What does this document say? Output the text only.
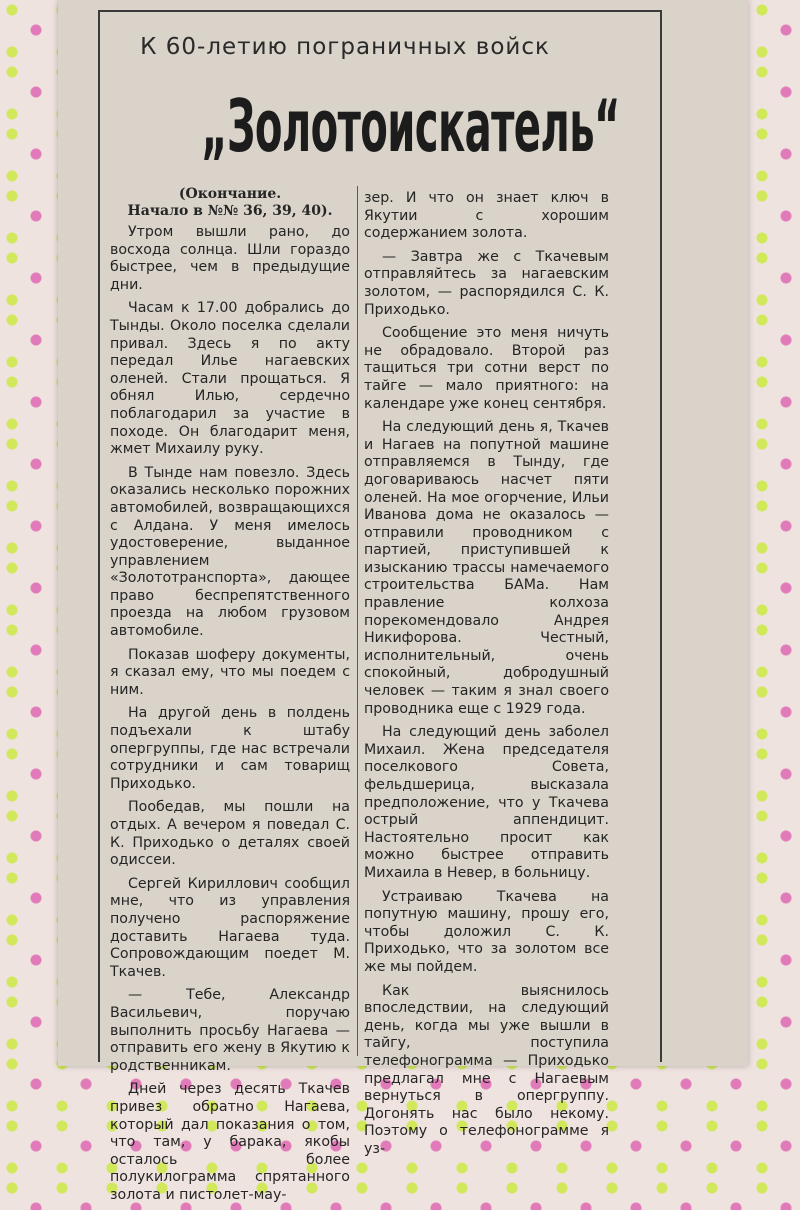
К 60-летию пограничных войск
„Золотоискатель“
(Окончание.
Начало в №№ 36, 39, 40).

Утром вышли рано, до восхода солнца. Шли гораздо быстрее, чем в предыдущие дни.

Часам к 17.00 добрались до Тынды. Около поселка сделали привал. Здесь я по акту передал Илье нагаевских оленей. Стали прощаться. Я обнял Илью, сердечно поблагодарил за участие в походе. Он благодарит меня, жмет Михаилу руку.

В Тынде нам повезло. Здесь оказались несколько порожних автомобилей, возвращающихся с Алдана. У меня имелось удостоверение, выданное управлением «Золототранспорта», дающее право беспрепятственного проезда на любом грузовом автомобиле.

Показав шоферу документы, я сказал ему, что мы поедем с ним.

На другой день в полдень подъехали к штабу опергруппы, где нас встречали сотрудники и сам товарищ Приходько.

Пообедав, мы пошли на отдых. А вечером я поведал С. К. Приходько о деталях своей одиссеи.

Сергей Кириллович сообщил мне, что из управления получено распоряжение доставить Нагаева туда. Сопровождающим поедет М. Ткачев.

— Тебе, Александр Васильевич, поручаю выполнить просьбу Нагаева — отправить его жену в Якутию к родственникам.

Дней через десять Ткачев привез обратно Нагаева, который дал показания о том, что там, у барака, якобы осталось более полукилограмма спрятанного золота и пистолет-мау-

зер. И что он знает ключ в Якутии с хорошим содержанием золота.

— Завтра же с Ткачевым отправляйтесь за нагаевским золотом, — распорядился С. К. Приходько.

Сообщение это меня ничуть не обрадовало. Второй раз тащиться три сотни верст по тайге — мало приятного: на календаре уже конец сентября.

На следующий день я, Ткачев и Нагаев на попутной машине отправляемся в Тынду, где договариваюсь насчет пяти оленей. На мое огорчение, Ильи Иванова дома не оказалось — отправили проводником с партией, приступившей к изысканию трассы намечаемого строительства БАМа. Нам правление колхоза порекомендовало Андрея Никифорова. Честный, исполнительный, очень спокойный, добродушный человек — таким я знал своего проводника еще с 1929 года.

На следующий день заболел Михаил. Жена председателя поселкового Совета, фельдшерица, высказала предположение, что у Ткачева острый аппендицит. Настоятельно просит как можно быстрее отправить Михаила в Невер, в больницу.

Устраиваю Ткачева на попутную машину, прошу его, чтобы доложил С. К. Приходько, что за золотом все же мы пойдем.

Как выяснилось впоследствии, на следующий день, когда мы уже вышли в тайгу, поступила телефонограмма — Приходько предлагал мне с Нагаевым вернуться в опергруппу. Догонять нас было некому. Поэтому о телефонограмме я уз-
